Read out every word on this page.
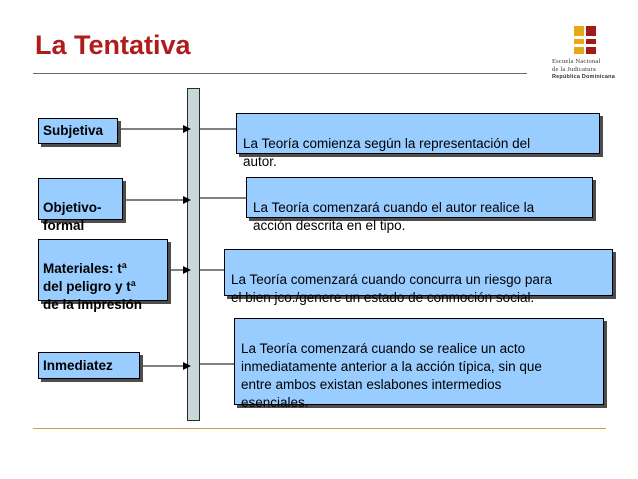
La Tentativa
Escuela Nacional
de la Judicatura
República Dominicana
Subjetiva

Objetivo-
formal

Materiales: tª
del peligro y tª
de la impresión

Inmediatez

La Teoría comienza según la representación del
autor.

La Teoría comenzará cuando el autor realice la
acción descrita en el tipo.

La Teoría comenzará cuando concurra un riesgo para
el bien jco./genere un estado de conmoción social.

La Teoría comenzará cuando se realice un acto
inmediatamente anterior a la acción típica, sin que
entre ambos existan eslabones intermedios
esenciales.
